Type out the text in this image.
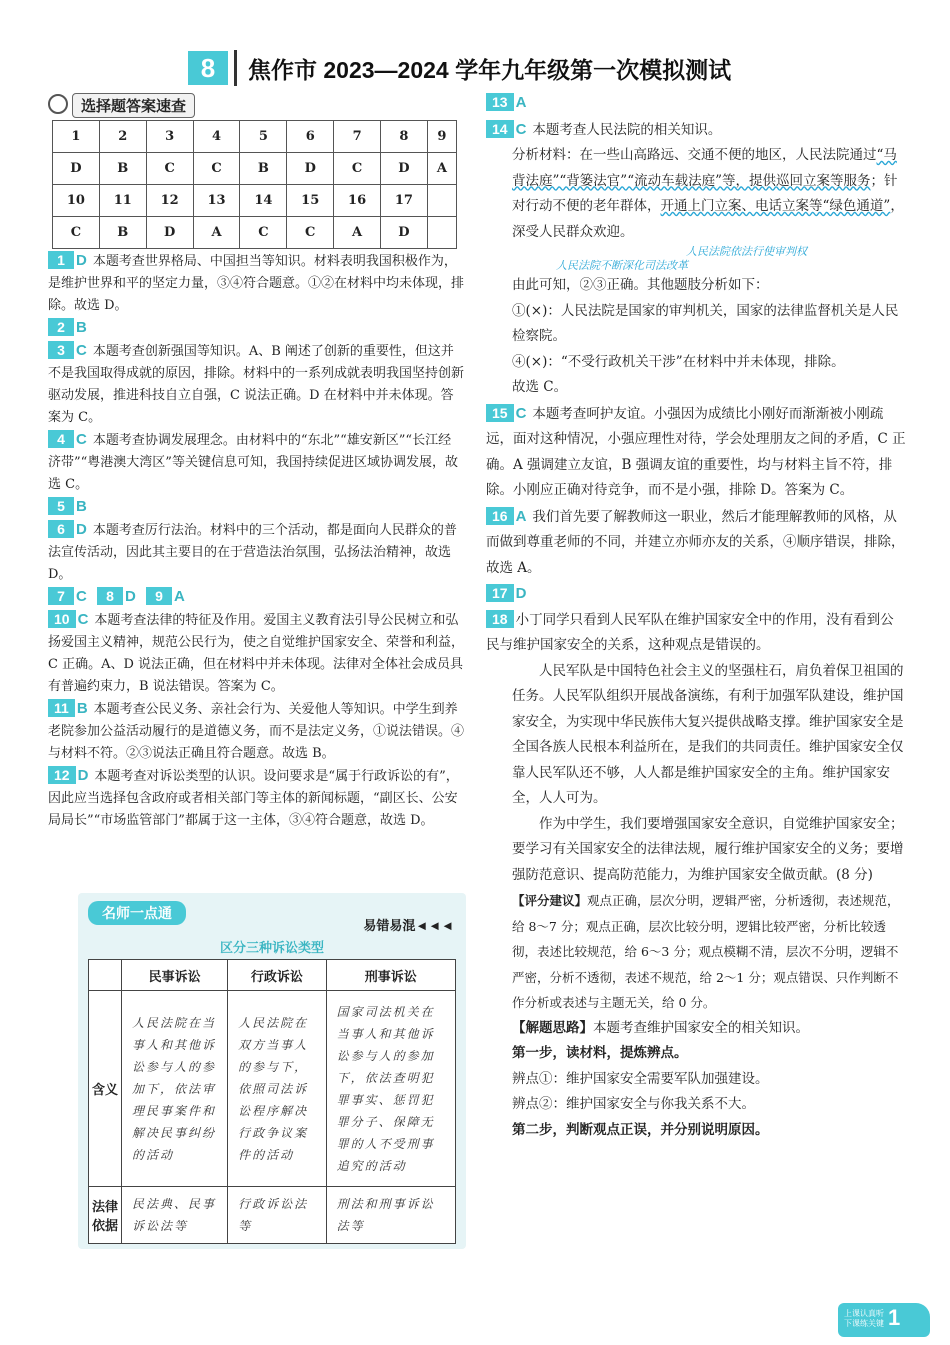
8	焦作市 2023—2024 学年九年级第一次模拟测试
选择题答案速查
1	2	3	4	5	6	7	8	9
D	B	C	C	B	D	C	D	A
10	11	12	13	14	15	16	17	
C	B	D	A	C	C	A	D	
1 D 本题考查世界格局、中国担当等知识。材料表明我国积极作为，是维护世界和平的坚定力量，③④符合题意。①②在材料中均未体现，排除。故选 D。
2 B
3 C 本题考查创新强国等知识。A、B 阐述了创新的重要性，但这并不是我国取得成就的原因，排除。材料中的一系列成就表明我国坚持创新驱动发展，推进科技自立自强，C 说法正确。D 在材料中并未体现。答案为 C。
4 C 本题考查协调发展理念。由材料中的“东北”“雄安新区”“长江经济带”“粤港澳大湾区”等关键信息可知，我国持续促进区域协调发展，故选 C。
5 B
6 D 本题考查厉行法治。材料中的三个活动，都是面向人民群众的普法宣传活动，因此其主要目的在于营造法治氛围，弘扬法治精神，故选 D。
7 C 8 D 9 A
10 C 本题考查法律的特征及作用。爱国主义教育法引导公民树立和弘扬爱国主义精神，规范公民行为，使之自觉维护国家安全、荣誉和利益，C 正确。A、D 说法正确，但在材料中并未体现。法律对全体社会成员具有普遍约束力，B 说法错误。答案为 C。
11 B 本题考查公民义务、亲社会行为、关爱他人等知识。中学生到养老院参加公益活动履行的是道德义务，而不是法定义务，①说法错误。④与材料不符。②③说法正确且符合题意。故选 B。
12 D 本题考查对诉讼类型的认识。设问要求是“属于行政诉讼的有”，因此应当选择包含政府或者相关部门等主体的新闻标题，“副区长、公安局局长”“市场监管部门”都属于这一主体，③④符合题意，故选 D。
名师一点通
易错易混◄◄◄
区分三种诉讼类型
	民事诉讼	行政诉讼	刑事诉讼
含义	人民法院在当事人和其他诉讼参与人的参加下，依法审理民事案件和解决民事纠纷的活动	人民法院在双方当事人的参与下，依照司法诉讼程序解决行政争议案件的活动	国家司法机关在当事人和其他诉讼参与人的参加下，依法查明犯罪事实、惩罚犯罪分子、保障无罪的人不受刑事追究的活动
法律依据	民法典、民事诉讼法等	行政诉讼法等	刑法和刑事诉讼法等
13 A
14 C 本题考查人民法院的相关知识。
分析材料：在一些山高路远、交通不便的地区，人民法院通过“马背法庭”“背篓法官”“流动车载法庭”等，提供巡回立案等服务；针对行动不便的老年群体，开通上门立案、电话立案等“绿色通道”，深受人民群众欢迎。
人民法院依法行使审判权
人民法院不断深化司法改革
由此可知，②③正确。其他题肢分析如下：
①(×)：人民法院是国家的审判机关，国家的法律监督机关是人民检察院。
④(×)：“不受行政机关干涉”在材料中并未体现，排除。
故选 C。
15 C 本题考查呵护友谊。小强因为成绩比小刚好而渐渐被小刚疏远，面对这种情况，小强应理性对待，学会处理朋友之间的矛盾，C 正确。A 强调建立友谊，B 强调友谊的重要性，均与材料主旨不符，排除。小刚应正确对待竞争，而不是小强，排除 D。答案为 C。
16 A 我们首先要了解教师这一职业，然后才能理解教师的风格，从而做到尊重老师的不同，并建立亦师亦友的关系，④顺序错误，排除，故选 A。
17 D
18 小丁同学只看到人民军队在维护国家安全中的作用，没有看到公民与维护国家安全的关系，这种观点是错误的。
人民军队是中国特色社会主义的坚强柱石，肩负着保卫祖国的任务。人民军队组织开展战备演练，有利于加强军队建设，维护国家安全，为实现中华民族伟大复兴提供战略支撑。维护国家安全是全国各族人民根本利益所在，是我们的共同责任。维护国家安全仅靠人民军队还不够，人人都是维护国家安全的主角。维护国家安全，人人可为。
作为中学生，我们要增强国家安全意识，自觉维护国家安全；要学习有关国家安全的法律法规，履行维护国家安全的义务；要增强防范意识、提高防范能力，为维护国家安全做贡献。(8 分)
【评分建议】观点正确，层次分明，逻辑严密，分析透彻，表述规范，给 8～7 分；观点正确，层次比较分明，逻辑比较严密，分析比较透彻，表述比较规范，给 6～3 分；观点模糊不清，层次不分明，逻辑不严密，分析不透彻，表述不规范，给 2～1 分；观点错误、只作判断不作分析或表述与主题无关，给 0 分。
【解题思路】本题考查维护国家安全的相关知识。
第一步，读材料，提炼辨点。
辨点①：维护国家安全需要军队加强建设。
辨点②：维护国家安全与你我关系不大。
第二步，判断观点正误，并分别说明原因。
上课认真听
下课练关键 1
